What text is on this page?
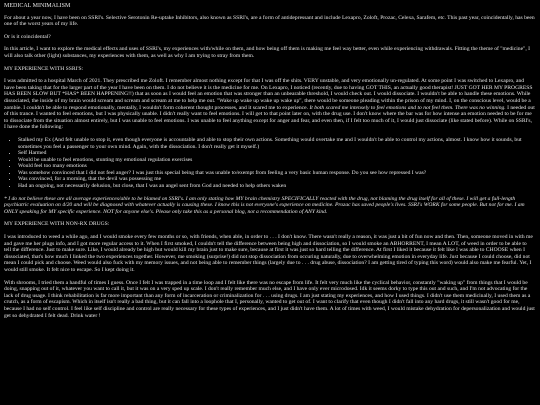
MEDICAL MINIMALISM

For about a year now, I have been on SSRI's. Selective Serotonin Re-uptake Inhibitors, also known as SSRI's, are a form of antidepressant and include Lexapro, Zoloft, Prozac, Celexa, Sarafem, etc. This past year, coincidentally, has been one of the worst years of my life.

Or is it coincidental?

In this article, I want to explore the medical effects and uses of SSRI's, my experiences with/while on them, and how being off them is making me feel way better, even while experiencing withdrawals. Fitting the theme of "medicine", I will also talk other (light) substances, my experiences with them, as well as why I am trying to stray from them.

MY EXPERIENCE WITH SSRI'S:

I was admitted to a hospital March of 2021. They prescribed me Zoloft. I remember almost nothing except for that I was off the shits. VERY unstable, and very emotionally un-regulated. At some point I was switched to Lexapro, and have been taking that for the larger part of the year I have been on them. I do not believe it is the medicine for me. On Lexapro, I noticed (recently, due to having GOT THIS, an actually good therapist! JUST GOT HER MY PROGRESS HAS BEEN SLOW BUT *HAS* BEEN HAPPENING!!) that as soon as I would feel an emotion that was stronger than an unbearable threshold, I would check out. I would dissociate. I wouldn't be able to handle these emotions. While dissociated, the inside of my brain would scream and scream and scream at me to help me out. "Wake up wake up wake up wake up", there would be someone pleading within the prison of my mind. I, on the conscious level, would be a zombie. I couldn't be able to respond emotionally, mentally, I wouldn't form coherent thought processes, and it scared me to experience. It both scared me intensely to feel emotions and to not feel them. There was no winning. I needed out of this trance. I wanted to feel emotions, but I was physically unable. I didn't really want to feel emotions. I will get to that point later on, with the drug use. I don't know where the bar was for how intense an emotion needed to be for me to dissociate from the situation almost entirely, but I was unable to feel emotions. I was unable to feel anything except for anger and fear, and even then, if I felt too much of it, I would just dissociate (like stated before). While on SSRI's, I have done the following:

• Stalked my Ex (And felt unable to stop it, even though everyone is accountable and able to stop their own actions. Something would overtake me and I wouldn't be able to control my actions, almost. I know how it sounds, but sometimes you feel a passenger to your own mind. Again, with the dissociation. I don't really get it myself.)
• Self Harmed
• Would be unable to feel emotions, stunting my emotional regulation exercises
• Would feel too many emotions
• Was somehow convinced that I did not feel anger? I was just this special being that was unable to/exempt from feeling a very basic human response. Do you see how repressed I was?
• Was convinced, for a morning, that the devil was possessing me
• Had an ongoing, not necessarily delusion, but close, that I was an angel sent from God and needed to help others waken

* I do not believe these are all average experiences/able to be blamed on SSRI's. I am only stating how MY brain chemistry SPECIFICALLY reacted with the drug, not blaming the drug itself for all of these. I will get a full-length psychiatric evaluation on 4/20 and will be diagnosed with whatever actually is causing these. I know this is not everyone's experience on medicine. Prozac has saved people's lives. SSRI's WORK for some people. But not for me. I am ONLY speaking for MY specific experience. NOT for anyone else's. Please only take this as a personal blog, not a recommendation of ANY kind.

MY EXPERIENCE WITH NON-RX DRUGS:

I was introduced to weed a while ago, and I would smoke every few months or so, with friends, when able, in order to . . . I don't know. There wasn't really a reason, it was just a bit of fun now and then. Then, someone moved in with me and gave me her plugs info, and I got more regular access to it. When I first smoked, I couldn't tell the difference between being high and dissociation, so I would smoke an ABHORRENT, I mean A LOT, of weed in order to be able to tell the difference. Just to make sure. Like, I would already be high but would kill my brain just to make sure, because at first it was just so hard telling the difference. At first I liked it because it felt like I was able to CHOOSE when I dissociated, that's how much I linked the two experiences together. However, me smoking (surprise!) did not stop dissociation from occuring naturally, due to overwhelming emotion in everyday life. Just because I could choose, did not mean I could pick and choose. Weed would also fuck with my memory issues, and not being able to remember things (largely due to . . . drug abuse, dissociation? I am getting tired of typing this word) would also make me fearful. Yet, I would still smoke. It felt nice to escape. So I kept doing it.

With shrooms, I tried them a handful of times I guess. Once I felt I was trapped in a time loop and I felt like there was no escape from life. It felt very much like the cyclical behavior, constantly "waking up" from things that I would be doing, snapping out of it, whatever you want to call it, but it was on a very sped up scale. I don't really remember much else, and I have only ever microdosed. Idk it seems dorky to type this out and such, and I'm not advocating for the lack of drug usage. I think rehabilitation is far more important than any form of incarceration or criminalization for . . . using drugs. I am just stating my experiences, and how I used things. I didn't use them medicinally, I used them as a crutch, as a form of escapism. Which in itself isn't really a bad thing, but it can fall into a loophole that I, personally, wanted to get out of. I want to clarify that even though I didn't fall into any hard drugs, it still wasn't good for me, because I had no self control. I feel like self discipline and control are really necessary for these types of experiences, and I just didn't have them. A lot of times with weed, I would mistake dehydration for depersonalization and would just get so dehydrated I felt dead. Drink water !
